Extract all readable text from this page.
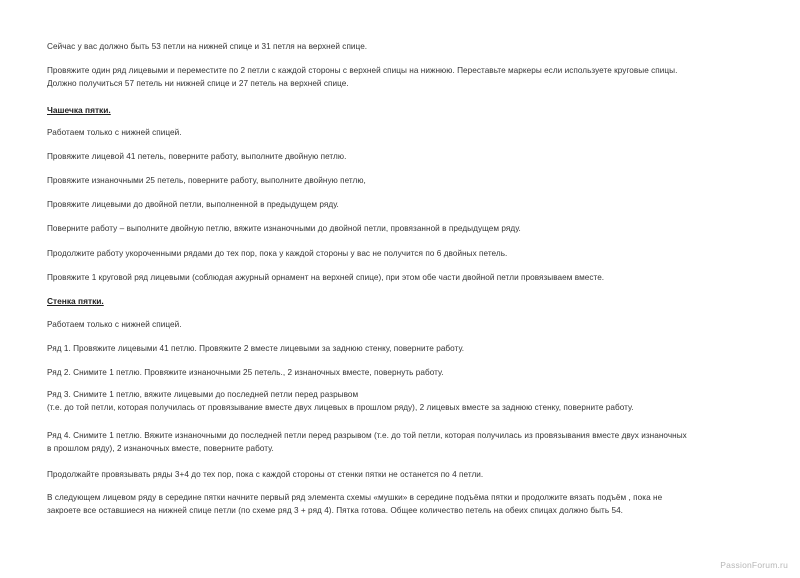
Сейчас у вас должно быть 53 петли на нижней спице и 31 петля на верхней спице.

Провяжите один ряд лицевыми и переместите по 2 петли с каждой стороны с верхней спицы на нижнюю. Переставьте маркеры если используете круговые спицы.
Должно получиться 57 петель ни нижней спице и 27 петель на верхней спице.

Чашечка пятки.

Работаем только с нижней спицей.

Провяжите лицевой 41 петель, поверните работу, выполните двойную петлю.

Провяжите изнаночными 25 петель, поверните работу, выполните двойную петлю,

Провяжите лицевыми до двойной петли, выполненной в предыдущем ряду.

Поверните работу – выполните двойную петлю, вяжите изнаночными до двойной петли, провязанной в предыдущем ряду.

Продолжите работу укороченными рядами до тех пор, пока у каждой стороны у вас не получится по 6 двойных петель.

Провяжите 1 круговой ряд лицевыми (соблюдая ажурный орнамент на верхней спице), при этом обе части двойной петли провязываем вместе.

Стенка пятки.

Работаем только с нижней спицей.

Ряд 1. Провяжите лицевыми 41 петлю. Провяжите 2 вместе лицевыми за заднюю стенку, поверните работу.

Ряд 2. Снимите 1 петлю. Провяжите изнаночными 25 петель., 2 изнаночных вместе, повернуть работу.

Ряд 3. Снимите 1 петлю, вяжите лицевыми до последней петли перед разрывом
(т.е. до той петли, которая получилась от провязывание вместе двух лицевых в прошлом ряду), 2 лицевых вместе за заднюю стенку, поверните работу.

Ряд 4. Снимите 1 петлю. Вяжите изнаночными до последней петли перед разрывом (т.е. до той петли, которая получилась из провязывания вместе двух изнаночных
в прошлом ряду), 2 изнаночных вместе, поверните работу.

Продолжайте провязывать ряды 3+4 до тех пор, пока с каждой стороны от стенки пятки не останется по 4 петли.

В следующем лицевом ряду в середине пятки начните первый ряд элемента схемы «мушки» в середине подъёма пятки и продолжите вязать подъём , пока не
закроете все оставшиеся на нижней спице петли (по схеме ряд 3 + ряд 4). Пятка готова. Общее количество петель на обеих спицах должно быть 54.

PassionForum.ru
